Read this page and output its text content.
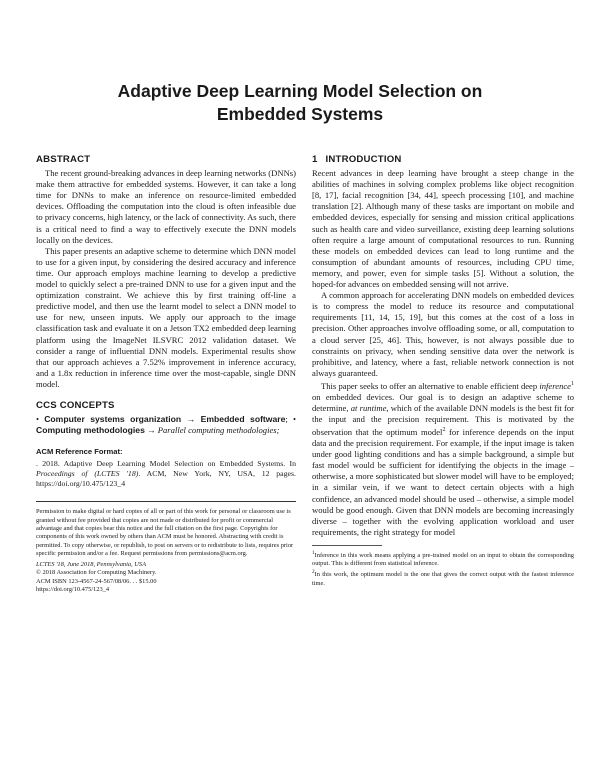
Adaptive Deep Learning Model Selection on
Embedded Systems
ABSTRACT

The recent ground-breaking advances in deep learning networks (DNNs) make them attractive for embedded systems. However, it can take a long time for DNNs to make an inference on resource-limited embedded devices. Offloading the computation into the cloud is often infeasible due to privacy concerns, high latency, or the lack of connectivity. As such, there is a critical need to find a way to effectively execute the DNN models locally on the devices.

This paper presents an adaptive scheme to determine which DNN model to use for a given input, by considering the desired accuracy and inference time. Our approach employs machine learning to develop a predictive model to quickly select a pre-trained DNN to use for a given input and the optimization constraint. We achieve this by first training off-line a predictive model, and then use the learnt model to select a DNN model to use for new, unseen inputs. We apply our approach to the image classification task and evaluate it on a Jetson TX2 embedded deep learning platform using the ImageNet ILSVRC 2012 validation dataset. We consider a range of influential DNN models. Experimental results show that our approach achieves a 7.52% improvement in inference accuracy, and a 1.8x reduction in inference time over the most-capable, single DNN model.

CCS CONCEPTS
• Computer systems organization → Embedded software; • Computing methodologies → Parallel computing methodologies;
ACM Reference Format:
. 2018. Adaptive Deep Learning Model Selection on Embedded Systems. In Proceedings of (LCTES '18). ACM, New York, NY, USA, 12 pages. https://doi.org/10.475/123_4
Permission to make digital or hard copies of all or part of this work for personal or classroom use is granted without fee provided that copies are not made or distributed for profit or commercial advantage and that copies bear this notice and the full citation on the first page. Copyrights for components of this work owned by others than ACM must be honored. Abstracting with credit is permitted. To copy otherwise, or republish, to post on servers or to redistribute to lists, requires prior specific permission and/or a fee. Request permissions from permissions@acm.org.
LCTES '18, June 2018, Pennsylvania, USA
© 2018 Association for Computing Machinery.
ACM ISBN 123-4567-24-567/08/06. . . $15.00
https://doi.org/10.475/123_4
1 INTRODUCTION

Recent advances in deep learning have brought a steep change in the abilities of machines in solving complex problems like object recognition [8, 17], facial recognition [34, 44], speech processing [10], and machine translation [2]. Although many of these tasks are important on mobile and embedded devices, especially for sensing and mission critical applications such as health care and video surveillance, existing deep learning solutions often require a large amount of computational resources to run. Running these models on embedded devices can lead to long runtime and the consumption of abundant amounts of resources, including CPU time, memory, and power, even for simple tasks [5]. Without a solution, the hoped-for advances on embedded sensing will not arrive.

A common approach for accelerating DNN models on embedded devices is to compress the model to reduce its resource and computational requirements [11, 14, 15, 19], but this comes at the cost of a loss in precision. Other approaches involve offloading some, or all, computation to a cloud server [25, 46]. This, however, is not always possible due to constraints on privacy, when sending sensitive data over the network is prohibitive, and latency, where a fast, reliable network connection is not always guaranteed.

This paper seeks to offer an alternative to enable efficient deep inference$^1$ on embedded devices. Our goal is to design an adaptive scheme to determine, at runtime, which of the available DNN models is the best fit for the input and the precision requirement. This is motivated by the observation that the optimum model$^2$ for inference depends on the input data and the precision requirement. For example, if the input image is taken under good lighting conditions and has a simple background, a simple but fast model would be sufficient for identifying the objects in the image – otherwise, a more sophisticated but slower model will have to be employed; in a similar vein, if we want to detect certain objects with a high confidence, an advanced model should be used – otherwise, a simple model would be good enough. Given that DNN models are becoming increasingly diverse – together with the evolving application workload and user requirements, the right strategy for model

$^1$Inference in this work means applying a pre-trained model on an input to obtain the corresponding output. This is different from statistical inference.
$^2$In this work, the optimum model is the one that gives the correct output with the fastest inference time.
